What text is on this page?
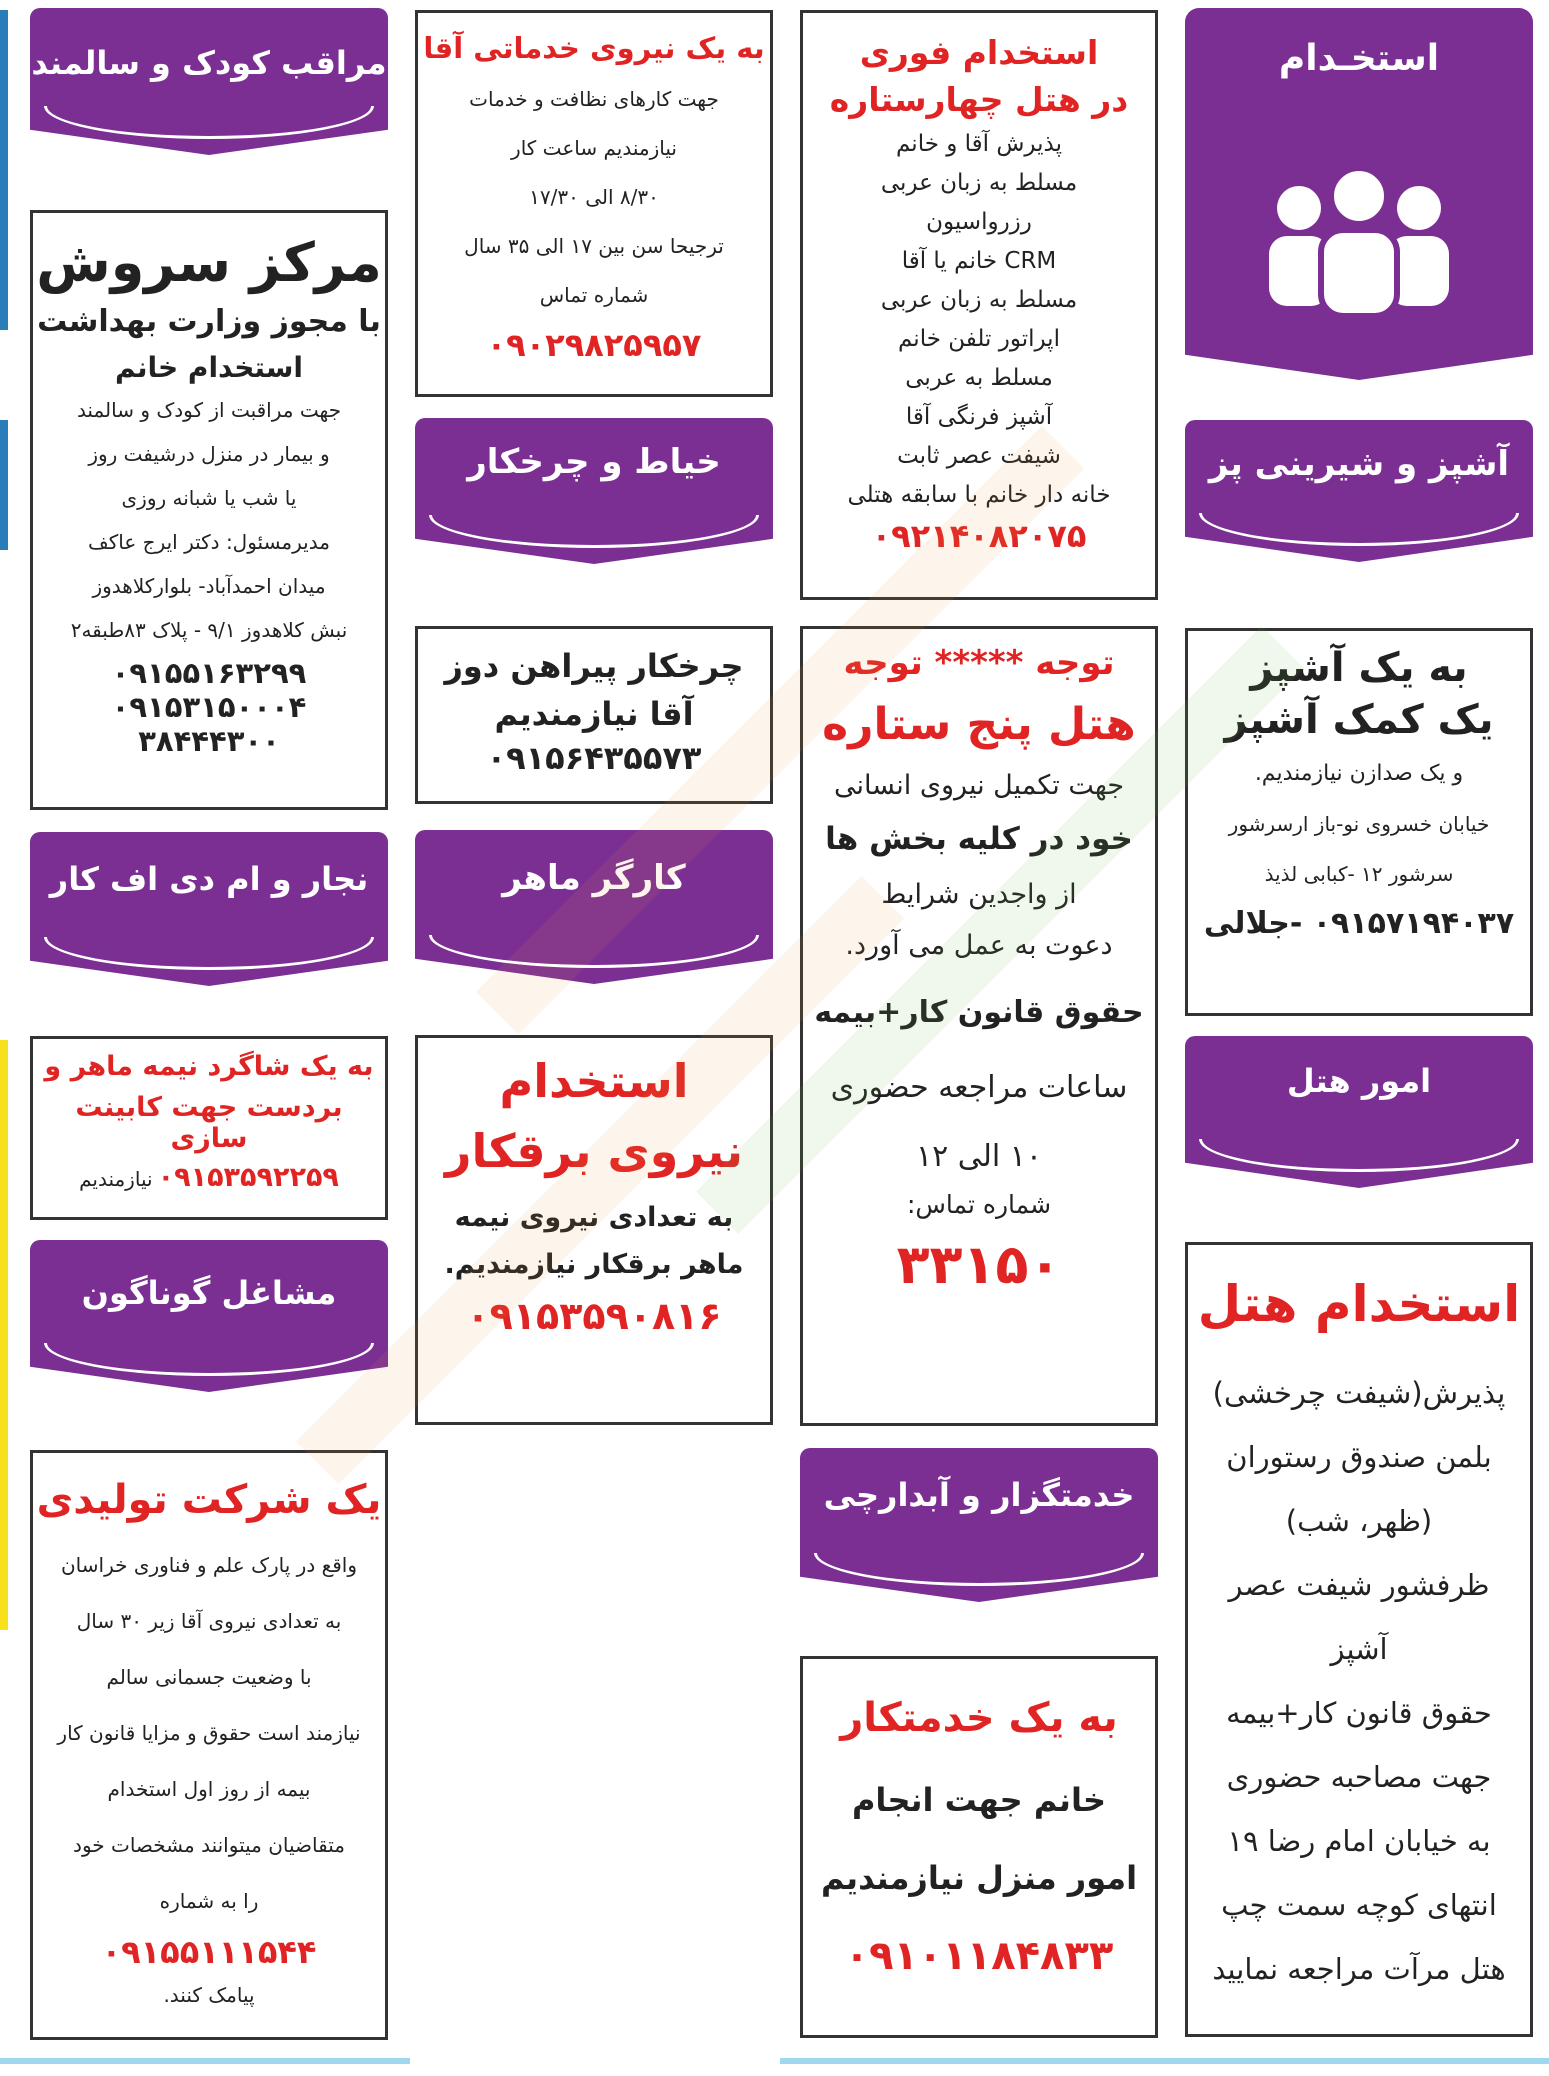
استخـدام
آشپز و شیرینی پز
به یک آشپز
یک کمک آشپز
و یک صدازن نیازمندیم.
خیابان خسروی نو-باز ارسرشور
سرشور ۱۲ -کبابی لذیذ
۰۹۱۵۷۱۹۴۰۳۷ -جلالی
امور هتل
استخدام هتل
پذیرش(شیفت چرخشی)
بلمن صندوق رستوران
(ظهر، شب)
ظرفشور شیفت عصر
آشپز
حقوق قانون کار+بیمه
جهت مصاحبه حضوری
به خیابان امام رضا ۱۹
انتهای کوچه سمت چپ
هتل مرآت مراجعه نمایید
استخدام فوری
در هتل چهارستاره
پذیرش آقا و خانم
مسلط به زبان عربی
رزرواسیون
CRM خانم یا آقا
مسلط به زبان عربی
اپراتور تلفن خانم
مسلط به عربی
آشپز فرنگی آقا
شیفت عصر ثابت
خانه دار خانم با سابقه هتلی
۰۹۲۱۴۰۸۲۰۷۵
توجه ***** توجه
هتل پنج ستاره
جهت تکمیل نیروی انسانی
خود در کلیه بخش ها
از واجدین شرایط
دعوت به عمل می آورد.
حقوق قانون کار+بیمه
ساعات مراجعه حضوری
۱۰ الی ۱۲
شماره تماس:
۳۳۱۵۰
خدمتگزار و آبدارچی
به یک خدمتکار
خانم جهت انجام
امور منزل نیازمندیم
۰۹۱۰۱۱۸۴۸۳۳
به یک نیروی خدماتی آقا
جهت کارهای نظافت و خدمات
نیازمندیم ساعت کار
۸/۳۰ الی ۱۷/۳۰
ترجیحا سن بین ۱۷ الی ۳۵ سال
شماره تماس
۰۹۰۲۹۸۲۵۹۵۷
خیاط و چرخکار
چرخکار پیراهن دوز
آقا نیازمندیم
۰۹۱۵۶۴۳۵۵۷۳
کارگر ماهر
استخدام
نیروی برقکار
به تعدادی نیروی نیمه
ماهر برقکار نیازمندیم.
۰۹۱۵۳۵۹۰۸۱۶
مراقب کودک و سالمند
مرکز سروش
با مجوز وزارت بهداشت
استخدام خانم
جهت مراقبت از کودک و سالمند
و بیمار در منزل درشیفت روز
یا شب یا شبانه روزی
مدیرمسئول: دکتر ایرج عاکف
میدان احمدآباد- بلوارکلاهدوز
نبش کلاهدوز ۹/۱ - پلاک ۸۳طبقه۲
۰۹۱۵۵۱۶۳۲۹۹
۰۹۱۵۳۱۵۰۰۰۴
۳۸۴۴۴۳۰۰
نجار و ام دی اف کار
به یک شاگرد نیمه ماهر و
بردست جهت کابینت سازی
۰۹۱۵۳۵۹۲۲۵۹ نیازمندیم
مشاغل گوناگون
یک شرکت تولیدی
واقع در پارک علم و فناوری خراسان
به تعدادی نیروی آقا زیر ۳۰ سال
با وضعیت جسمانی سالم
نیازمند است حقوق و مزایا قانون کار
بیمه از روز اول استخدام
متقاضیان میتوانند مشخصات خود
را به شماره
۰۹۱۵۵۱۱۱۵۴۴
پیامک کنند.
